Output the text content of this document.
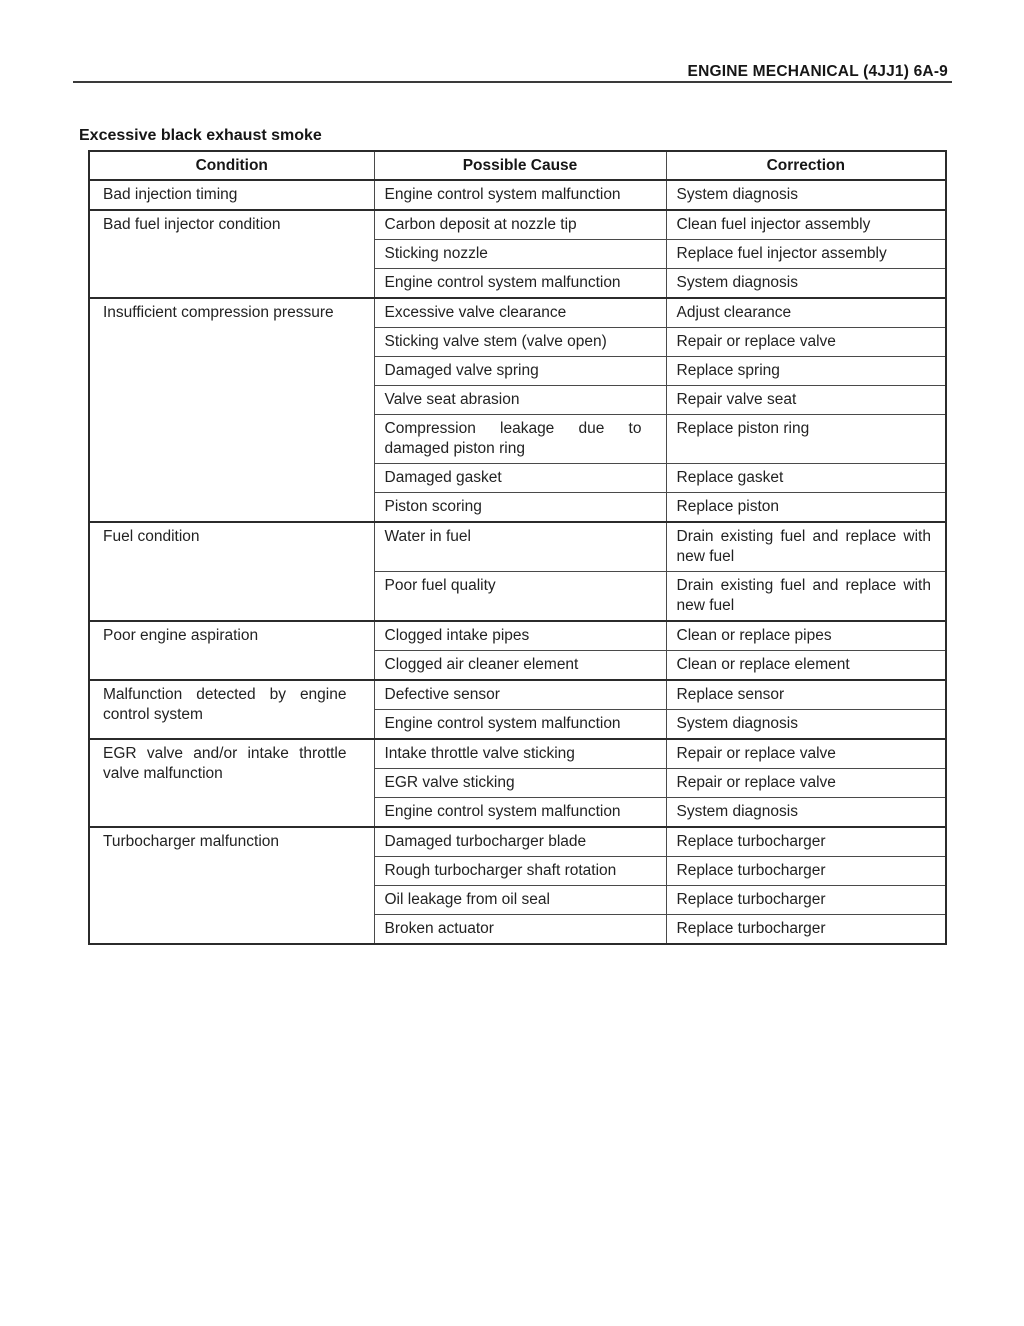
ENGINE MECHANICAL (4JJ1) 6A-9
Excessive black exhaust smoke
Condition	Possible Cause	Correction
Bad injection timing	Engine control system malfunction	System diagnosis
Bad fuel injector condition	Carbon deposit at nozzle tip	Clean fuel injector assembly
	Sticking nozzle	Replace fuel injector assembly
	Engine control system malfunction	System diagnosis
Insufficient compression pressure	Excessive valve clearance	Adjust clearance
	Sticking valve stem (valve open)	Repair or replace valve
	Damaged valve spring	Replace spring
	Valve seat abrasion	Repair valve seat
	Compression leakage due to damaged piston ring	Replace piston ring
	Damaged gasket	Replace gasket
	Piston scoring	Replace piston
Fuel condition	Water in fuel	Drain existing fuel and replace with new fuel
	Poor fuel quality	Drain existing fuel and replace with new fuel
Poor engine aspiration	Clogged intake pipes	Clean or replace pipes
	Clogged air cleaner element	Clean or replace element
Malfunction detected by engine control system	Defective sensor	Replace sensor
	Engine control system malfunction	System diagnosis
EGR valve and/or intake throttle valve malfunction	Intake throttle valve sticking	Repair or replace valve
	EGR valve sticking	Repair or replace valve
	Engine control system malfunction	System diagnosis
Turbocharger malfunction	Damaged turbocharger blade	Replace turbocharger
	Rough turbocharger shaft rotation	Replace turbocharger
	Oil leakage from oil seal	Replace turbocharger
	Broken actuator	Replace turbocharger
